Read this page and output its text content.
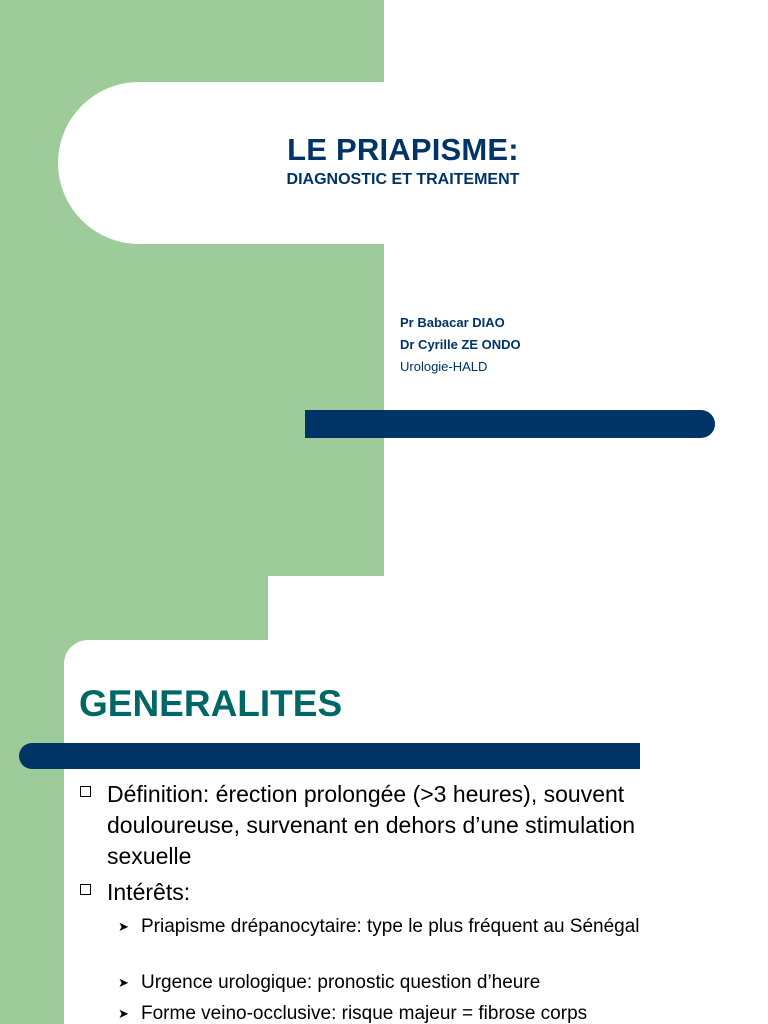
LE PRIAPISME:
DIAGNOSTIC ET TRAITEMENT
Pr Babacar DIAO
Dr Cyrille ZE ONDO
Urologie-HALD
GENERALITES
Définition: érection prolongée (>3 heures), souvent douloureuse, survenant en dehors d’une stimulation sexuelle
Intérêts:
➤ Priapisme drépanocytaire: type le plus fréquent au Sénégal
➤ Urgence urologique: pronostic question d’heure
➤ Forme veino-occlusive: risque majeur = fibrose corps
